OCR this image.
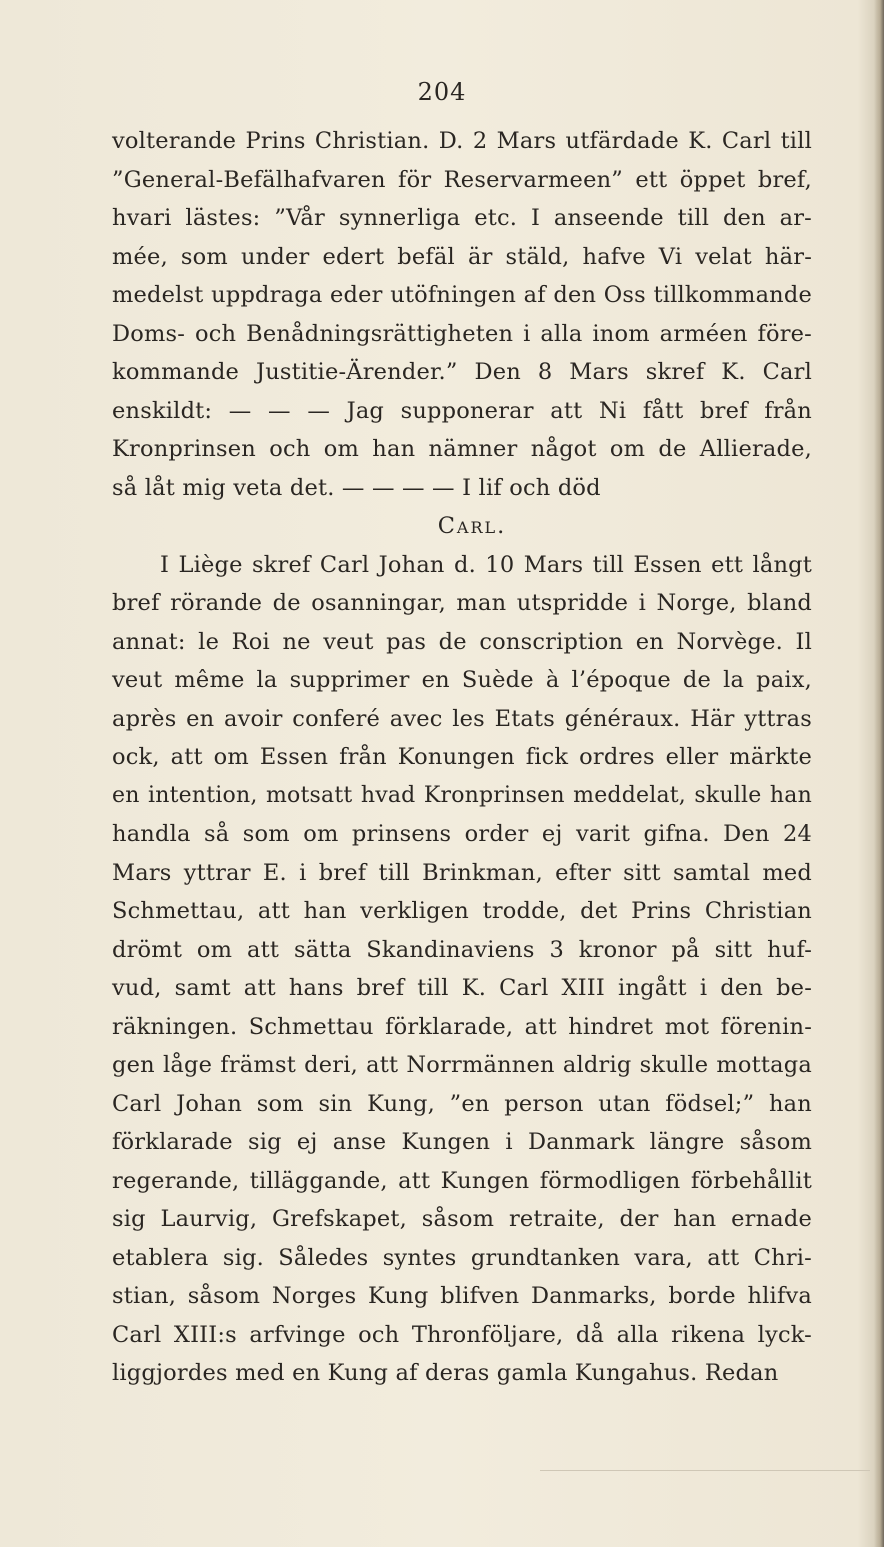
204
volterande Prins Christian. D. 2 Mars utfärdade K. Carl till
”General-Befälhafvaren för Reservarmeen” ett öppet bref,
hvari lästes: ”Vår synnerliga etc. I anseende till den ar-
mée, som under edert befäl är stäld, hafve Vi velat här-
medelst uppdraga eder utöfningen af den Oss tillkommande
Doms- och Benådningsrättigheten i alla inom arméen före-
kommande Justitie-Ärender.” Den 8 Mars skref K. Carl
enskildt: — — — Jag supponerar att Ni fått bref från
Kronprinsen och om han nämner något om de Allierade,
så låt mig veta det. — — — — I lif och död
Carl.
I Liège skref Carl Johan d. 10 Mars till Essen ett långt
bref rörande de osanningar, man utspridde i Norge, bland
annat: le Roi ne veut pas de conscription en Norvège. Il
veut même la supprimer en Suède à l’époque de la paix,
après en avoir conferé avec les Etats généraux. Här yttras
ock, att om Essen från Konungen fick ordres eller märkte
en intention, motsatt hvad Kronprinsen meddelat, skulle han
handla så som om prinsens order ej varit gifna. Den 24
Mars yttrar E. i bref till Brinkman, efter sitt samtal med
Schmettau, att han verkligen trodde, det Prins Christian
drömt om att sätta Skandinaviens 3 kronor på sitt huf-
vud, samt att hans bref till K. Carl XIII ingått i den be-
räkningen. Schmettau förklarade, att hindret mot förenin-
gen låge främst deri, att Norrmännen aldrig skulle mottaga
Carl Johan som sin Kung, ”en person utan födsel;” han
förklarade sig ej anse Kungen i Danmark längre såsom
regerande, tilläggande, att Kungen förmodligen förbehållit
sig Laurvig, Grefskapet, såsom retraite, der han ernade
etablera sig. Således syntes grundtanken vara, att Chri-
stian, såsom Norges Kung blifven Danmarks, borde hlifva
Carl XIII:s arfvinge och Thronföljare, då alla rikena lyck-
liggjordes med en Kung af deras gamla Kungahus. Redan
